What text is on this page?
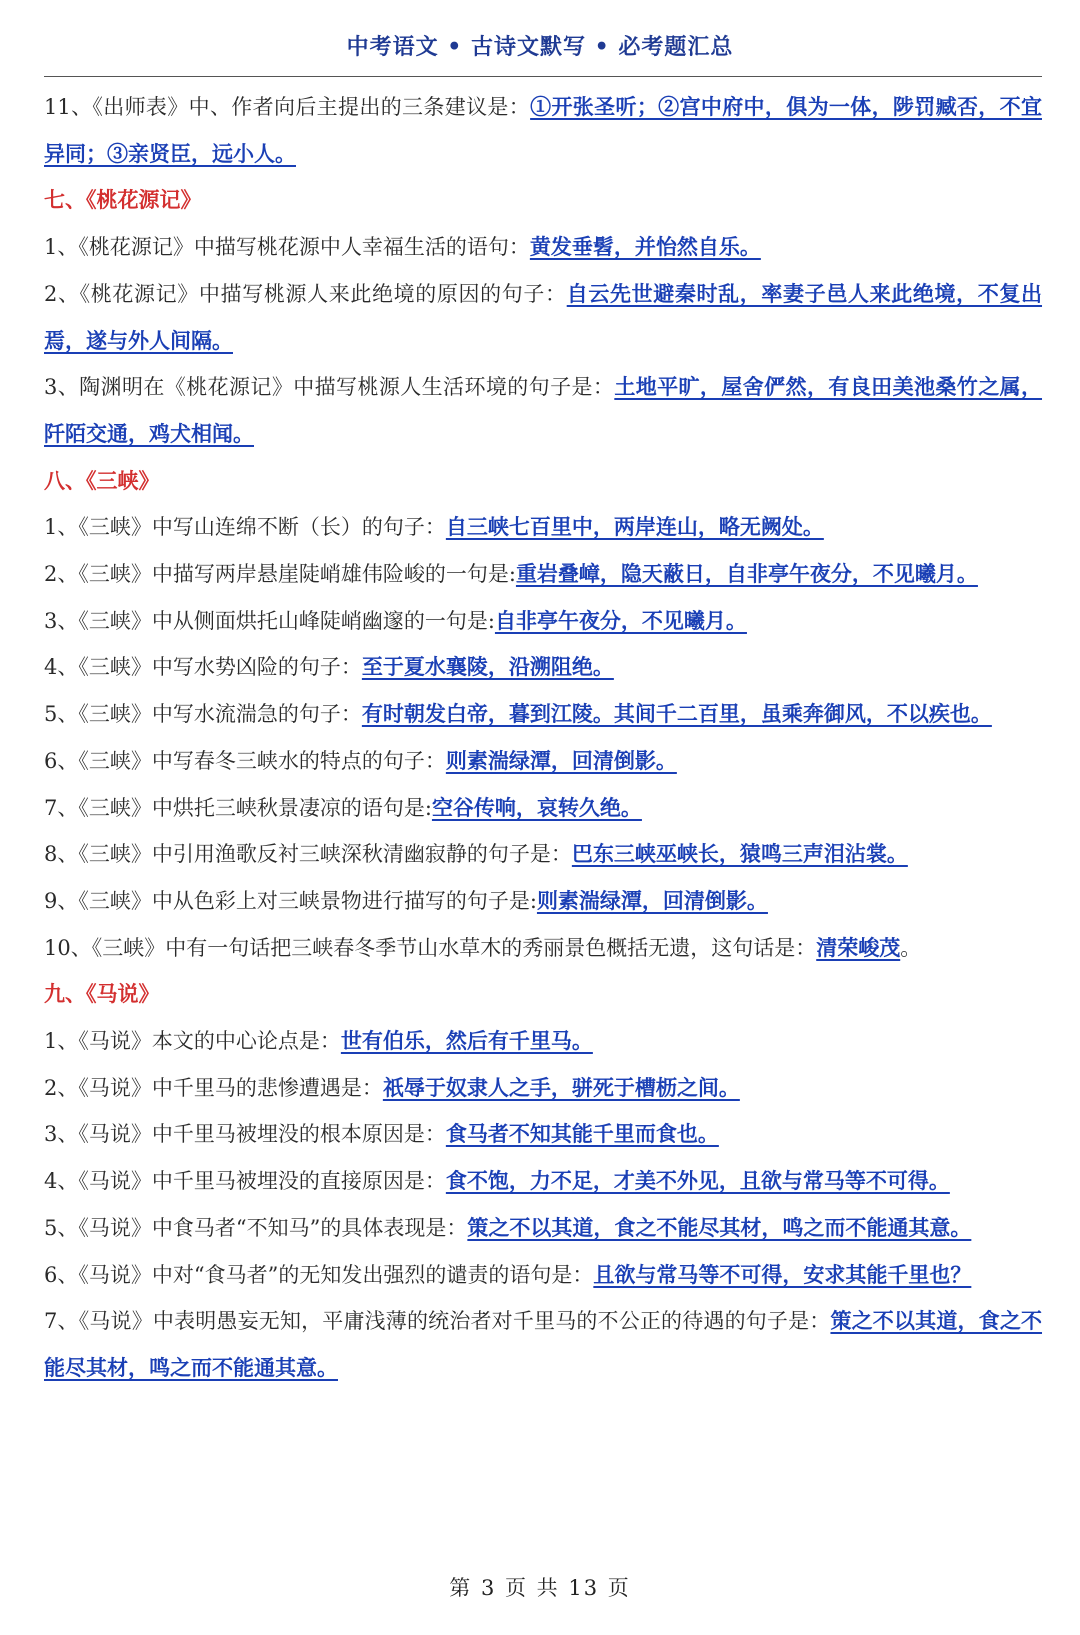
中考语文 • 古诗文默写 • 必考题汇总
11、《出师表》中、作者向后主提出的三条建议是：①开张圣听；②宫中府中，俱为一体，陟罚臧否，不宜异同；③亲贤臣，远小人。
七、《桃花源记》
1、《桃花源记》中描写桃花源中人幸福生活的语句：黄发垂髫，并怡然自乐。
2、《桃花源记》中描写桃源人来此绝境的原因的句子：自云先世避秦时乱，率妻子邑人来此绝境，不复出焉，遂与外人间隔。
3、陶渊明在《桃花源记》中描写桃源人生活环境的句子是：土地平旷，屋舍俨然，有良田美池桑竹之属，阡陌交通，鸡犬相闻。
八、《三峡》
1、《三峡》中写山连绵不断（长）的句子：自三峡七百里中，两岸连山，略无阙处。
2、《三峡》中描写两岸悬崖陡峭雄伟险峻的一句是:重岩叠嶂，隐天蔽日，自非亭午夜分，不见曦月。
3、《三峡》中从侧面烘托山峰陡峭幽邃的一句是:自非亭午夜分，不见曦月。
4、《三峡》中写水势凶险的句子：至于夏水襄陵，沿溯阻绝。
5、《三峡》中写水流湍急的句子：有时朝发白帝，暮到江陵。其间千二百里，虽乘奔御风，不以疾也。
6、《三峡》中写春冬三峡水的特点的句子：则素湍绿潭，回清倒影。
7、《三峡》中烘托三峡秋景凄凉的语句是:空谷传响，哀转久绝。
8、《三峡》中引用渔歌反衬三峡深秋清幽寂静的句子是：巴东三峡巫峡长，猿鸣三声泪沾裳。
9、《三峡》中从色彩上对三峡景物进行描写的句子是:则素湍绿潭，回清倒影。
10、《三峡》中有一句话把三峡春冬季节山水草木的秀丽景色概括无遗，这句话是：清荣峻茂。
九、《马说》
1、《马说》本文的中心论点是：世有伯乐，然后有千里马。
2、《马说》中千里马的悲惨遭遇是：祇辱于奴隶人之手，骈死于槽枥之间。
3、《马说》中千里马被埋没的根本原因是：食马者不知其能千里而食也。
4、《马说》中千里马被埋没的直接原因是：食不饱，力不足，才美不外见，且欲与常马等不可得。
5、《马说》中食马者“不知马”的具体表现是：策之不以其道，食之不能尽其材，鸣之而不能通其意。
6、《马说》中对“食马者”的无知发出强烈的谴责的语句是：且欲与常马等不可得，安求其能千里也？
7、《马说》中表明愚妄无知，平庸浅薄的统治者对千里马的不公正的待遇的句子是：策之不以其道，食之不能尽其材，鸣之而不能通其意。
第 3 页 共 13 页
